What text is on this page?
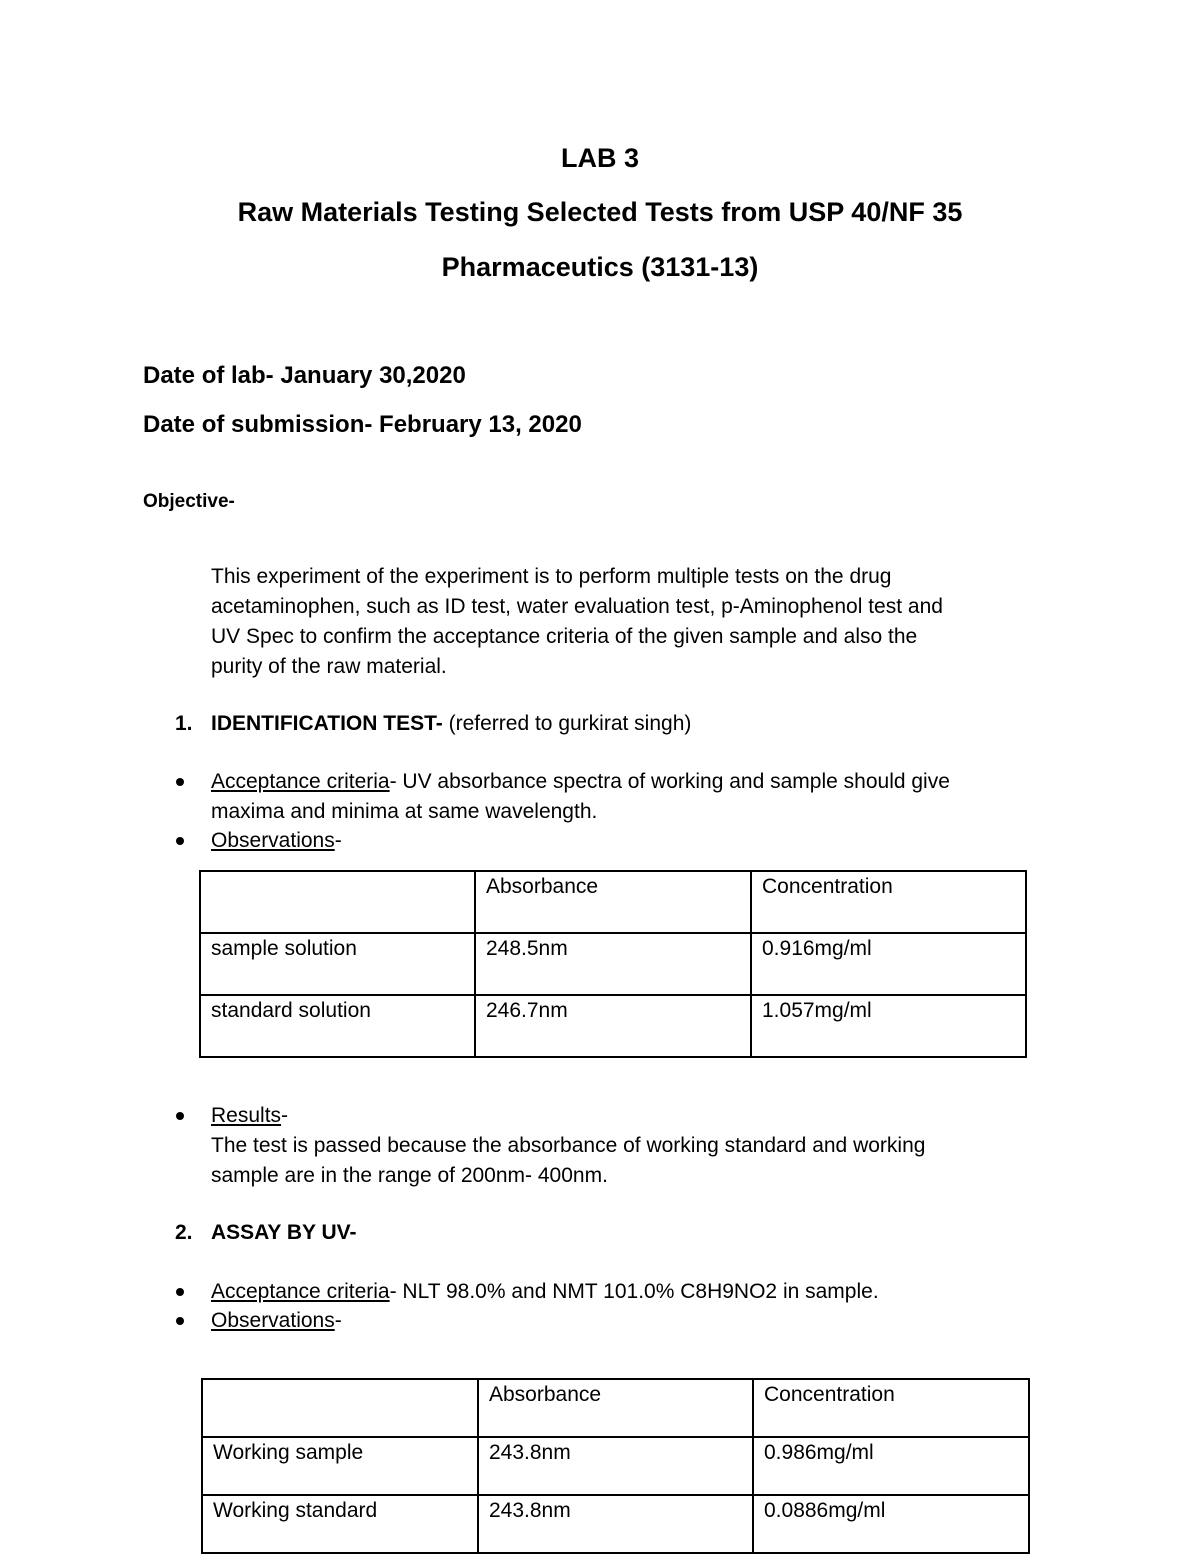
LAB 3
Raw Materials Testing Selected Tests from USP 40/NF 35
Pharmaceutics (3131-13)
Date of lab- January 30,2020
Date of submission- February 13, 2020
Objective-
This experiment of the experiment is to perform multiple tests on the drug
acetaminophen, such as ID test, water evaluation test, p-Aminophenol test and
UV Spec to confirm the acceptance criteria of the given sample and also the
purity of the raw material.
1. IDENTIFICATION TEST- (referred to gurkirat singh)
Acceptance criteria- UV absorbance spectra of working and sample should give
maxima and minima at same wavelength.
Observations-
	Absorbance	Concentration
sample solution	248.5nm	0.916mg/ml
standard solution	246.7nm	1.057mg/ml
Results-
The test is passed because the absorbance of working standard and working
sample are in the range of 200nm- 400nm.
2. ASSAY BY UV-
Acceptance criteria- NLT 98.0% and NMT 101.0% C8H9NO2 in sample.
Observations-
	Absorbance	Concentration
Working sample	243.8nm	0.986mg/ml
Working standard	243.8nm	0.0886mg/ml
